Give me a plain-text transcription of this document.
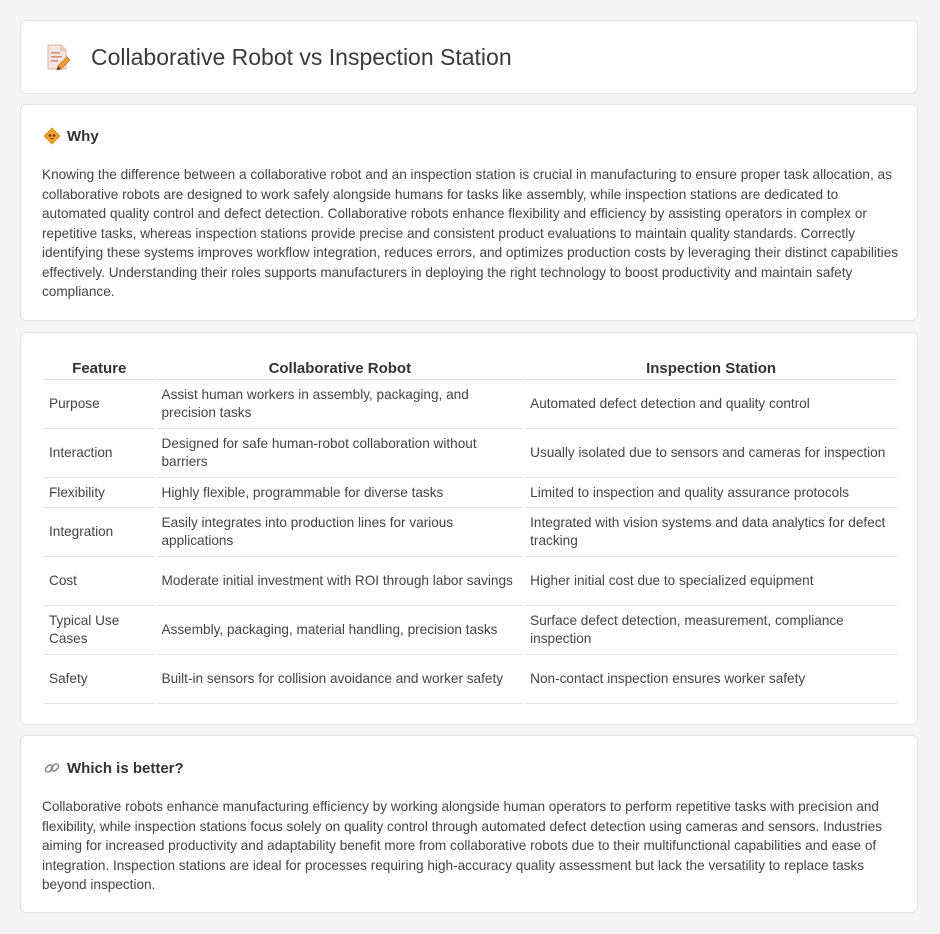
Collaborative Robot vs Inspection Station
Why

Knowing the difference between a collaborative robot and an inspection station is crucial in manufacturing to ensure proper task allocation, as collaborative robots are designed to work safely alongside humans for tasks like assembly, while inspection stations are dedicated to automated quality control and defect detection. Collaborative robots enhance flexibility and efficiency by assisting operators in complex or repetitive tasks, whereas inspection stations provide precise and consistent product evaluations to maintain quality standards. Correctly identifying these systems improves workflow integration, reduces errors, and optimizes production costs by leveraging their distinct capabilities effectively. Understanding their roles supports manufacturers in deploying the right technology to boost productivity and maintain safety compliance.

Feature	Collaborative Robot	Inspection Station
Purpose	Assist human workers in assembly, packaging, and precision tasks	Automated defect detection and quality control
Interaction	Designed for safe human-robot collaboration without barriers	Usually isolated due to sensors and cameras for inspection
Flexibility	Highly flexible, programmable for diverse tasks	Limited to inspection and quality assurance protocols
Integration	Easily integrates into production lines for various applications	Integrated with vision systems and data analytics for defect tracking
Cost	Moderate initial investment with ROI through labor savings	Higher initial cost due to specialized equipment
Typical Use Cases	Assembly, packaging, material handling, precision tasks	Surface defect detection, measurement, compliance inspection
Safety	Built-in sensors for collision avoidance and worker safety	Non-contact inspection ensures worker safety
Which is better?

Collaborative robots enhance manufacturing efficiency by working alongside human operators to perform repetitive tasks with precision and flexibility, while inspection stations focus solely on quality control through automated defect detection using cameras and sensors. Industries aiming for increased productivity and adaptability benefit more from collaborative robots due to their multifunctional capabilities and ease of integration. Inspection stations are ideal for processes requiring high-accuracy quality assessment but lack the versatility to replace tasks beyond inspection.
